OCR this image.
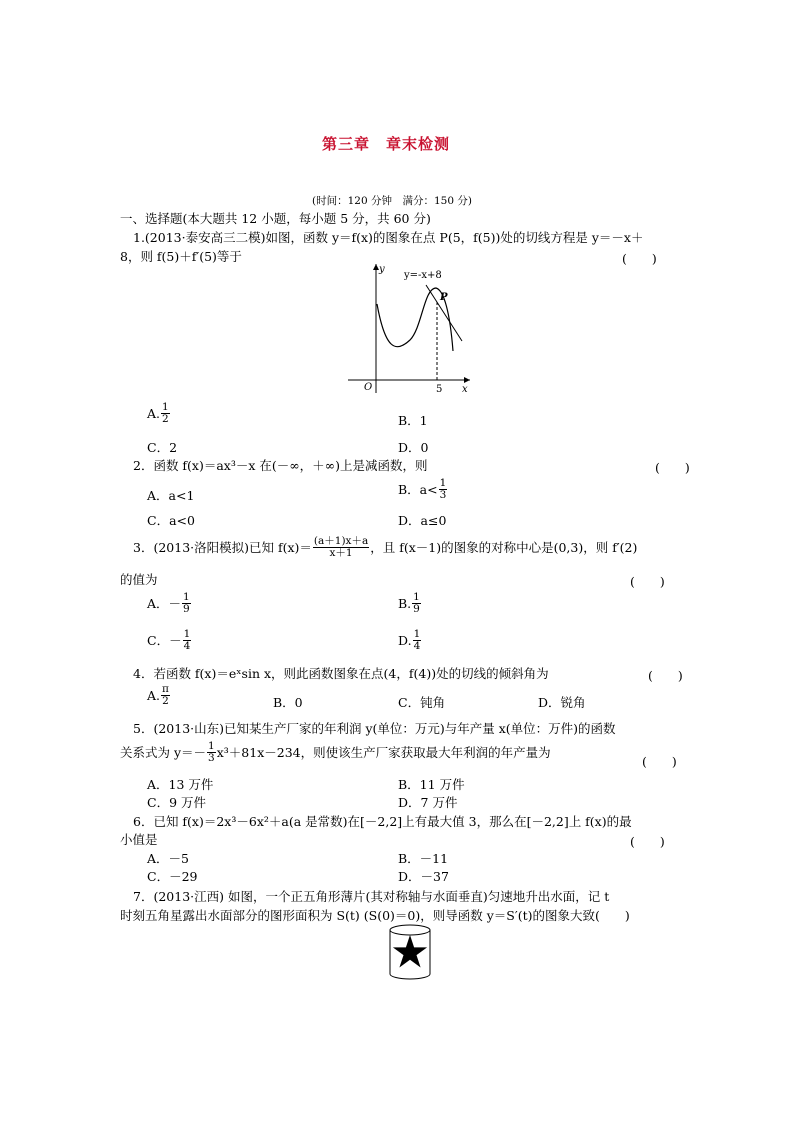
第三章　章末检测
(时间：120 分钟　满分：150 分)
一、选择题(本大题共 12 小题，每小题 5 分，共 60 分)
1.(2013·泰安高三二模)如图，函数 y＝f(x)的图象在点 P(5，f(5))处的切线方程是 y＝－x＋
8，则 f(5)＋f′(5)等于	(　　)
y
x
O	5
P
y=-x+8
A. $\frac{1}{2}$	B．1
C．2	D．0
2．函数 f(x)＝ax³－x 在(－∞，＋∞)上是减函数，则	(　　)
A．a<1	B．$a< \frac{1}{3}$
C．a<0	D．a≤0
3．(2013·洛阳模拟)已知 $f(x)= \frac{(a+1)x+a}{x+1}$ ，且 f(x－1)的图象的对称中心是(0,3)，则 f′(2)
的值为	(　　)
A．－ $\frac{1}{9}$	B. $\frac{1}{9}$
C．－ $\frac{1}{4}$	D. $\frac{1}{4}$
4．若函数 f(x)＝eˣsin x，则此函数图象在点(4，f(4))处的切线的倾斜角为	(　　)
A. $\frac{\pi}{2}$	B．0	C．钝角	D．锐角
5．(2013·山东)已知某生产厂家的年利润 y(单位：万元)与年产量 x(单位：万件)的函数
关系式为 $y=- \frac{1}{3} x^3+81x-234$，则使该生产厂家获取最大年利润的年产量为
(　　)
A．13 万件	B．11 万件
C．9 万件	D．7 万件
6．已知 f(x)＝2x³－6x²＋a(a 是常数)在[－2,2]上有最大值 3，那么在[－2,2]上 f(x)的最
小值是	(　　)
A．－5	B．－11
C．－29	D．－37
7．(2013·江西) 如图，一个正五角形薄片(其对称轴与水面垂直)匀速地升出水面，记 t
时刻五角星露出水面部分的图形面积为 S(t) (S(0)＝0)，则导函数 y＝S′(t)的图象大致(　　)
